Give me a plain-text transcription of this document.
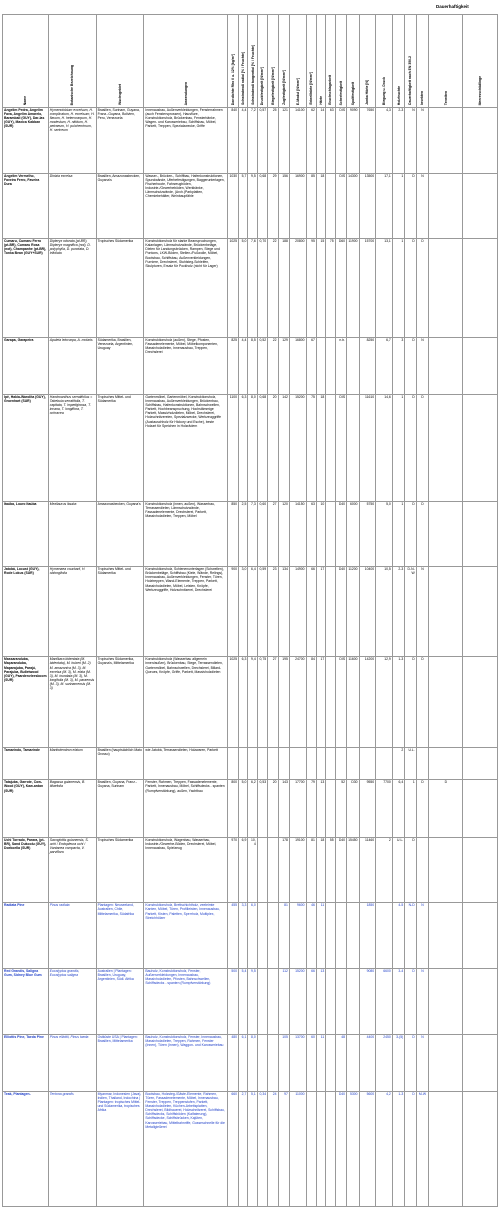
Dauerhaftigkeit
Name	Botanische Bezeichnung	Wuchsgebiet	Anwendungen	Darrdichte Rho 0 u. 12% [kg/m³]	Schwindmaß radial [% / Feuchte]	Schwindmaß tangential [% / Feuchte]	Druckfestigkeit [N/mm²]	Biegefestigkeit [N/mm²]	Zugfestigkeit [N/mm²]	E-Modul [N/mm²]	Brinellhärte [N/mm²]	Härte	Bruchschlagarbeit	Scherfestigkeit	Spaltfestigkeit	Janka Härte [N]	Biegung u. Druck	Holzfeuchte	Dauerhaftigkeit nach EN 350-2	Insekten	Termiten	Meeresschädlinge
Angelim Pedra, Angelim Fava, Angelim Amarelo, Barambali (GUY), Dar-las (GUY), Maxica Kabban (SUR)	Hymenolobium excelsum, H. complicatum, H. excelsum, H. flavum, H. heterocarpum, H. modestum, H. nitidum, H. petraeum, H. pulcherrimum, H. sericeum	Brasilien, Surinam, Guyana, Franz.-Guyana, Bolivien, Peru, Venezuela	Innenausbau, Außenverkleidungen, Fensterrahmen (auch Fenstersprossen), Hausflure, Konstruktionsholz, Brückenbau, Fensterbänke, Wagen- und Karosseriebau, Schiffsbau, Möbel, Parkett, Treppen, Spezialzwecke, Griffe	840	4,4	7,2	0,57	25	121	14100	62	14	63	DIS	9090	7650	4,3	2-3	N	N		
Angelim Vermelho, Faveira Ferro, Faveira Dura	Dinizia excelsa	Brasilien, Amazonasbecken, Guyana's	Wasser-, Brücken-, Schiffbau, Hafenkonstruktionen, Spundwände, Uferbefestigungen, Baggerunterlagen, Fischerboote, Fahrzeugböden, Industrie-/Gewerbeböden, Werkbänke, Lärmschutzwände, (Arch.)Parkplatten, Chemiebehälter, Weinbaupfähle	1030	5,7	9,5	0,68	29	156	16900	85	18		DIS	14300	13500	17,1	1	D	N		
Cumaru, Cumaru Ferro (pt-BR), Cumaru Rosa (not), Champanhe (pt-BR), Tonka Bean (GUY+SUR)	Dipteryx odorata (pt-BR), Dipteryx magnifica (not), D. polyphylla, D. punctata, D. trifoliata	Tropisches Südamerika	Konstruktionsholz für starke Beanspruchungen, Kaianlagen, Lärmschutzwände, Brückenbeläge, Dielen für Landungsbrücken, Rampen, Stege und Pontons, LKW-Böden, Stellen-/Fußwolle, Möbel, Bootsbau, Schiffsbau, Außenverkleidungen, Furniere, Drechslerei, Stuhlsteg-Schleifen, Skulpturen, Ersatz für Pockholz (nicht für Lager)	1025	5,0	7,6	0,70	22	188	20800	95	15	75	D60	11900	15700	13,1	1	D	D		
Garapa, Garapeira	Apuleia leiocarpa, A. molaris	Südamerika, Brasilien, Venezuela, Argentinien, Uruguay	Konstruktionsholz (außen), Stege, Pfosten, Fassadenelemente, Möbel, Möbelkomponenten, Massivholzdielen, Innenausbau, Treppen, Drechslerei	825	4,4	8,5	0,52	22	129	16800	67			n.b.		8250	6,7	3	D	N		
Ipê, Hakia-Warolita (GUY), Groenhart (SUR)	Handroanthus serratifolius = Tabebuia serratifolia, T. capitata, T. impetiginosa, T. incana, T. longiflora, T. ochracea	Tropisches Mittel- und Südamerika	Gartenmöbel, Gartenmöbel, Konstruktionsholz, Innenausbau, Außenverkleidungen, Brückenbau, Schiffsbau, Hafenkonstruktionen, Bahnschwellen, Parkett, Hochbeanspruchung, Hochstämmige Parkett, Massivholzdielen, Möbel, Drechslerei, Holzschnitzereien, Spezialzwecke, Werkzeuggriffe (Austauschholz für Hickory und Esche), beste Holzart für Speichen in Holzrädern	1100	6,3	8,0	0,68	20	142	15200	75	18		DIS		11610	14,6	1	D	D		
Itaúba, Louro Itaúba	Mezilaurus itauba	Amazonasbecken, Guyana's	Konstruktionsholz (innen, außen), Wasserbau, Terrassendielen, Lärmschutzwände, Fassadenelemente, Drechslerei, Parkett, Massivholzdielen, Treppen, Möbel	850	2,5	7,3	0,60	27	120	14150	63	10		D40	6000	5750	5,0	1	D	D		
Jatobá, Locust (GUY), Rode Lokus (SUR)	Hymenaea courbaril, H. oblongifolia	Tropisches Mittel- und Südamerika	Konstruktionsholz, Schienenunterlagen (Schwellen), Brückenbeläge, Schiffsbau (Kiele, Wände, Relings), Innenausbau, Außenverkleidungen, Fenster, Türen, Holztreppen, Wand-Elemente, Treppen, Parkett, Massivholzdielen, Möbel, Leisten, Knöpfe, Werkzeuggriffe, Holzschnitzerei, Drechslerei	900	3,0	6,4	0,59	23	134	14900	66	17		D40	11200	10400	10,5	2-3	D-N-W	N		
Massaranduba, Maçaranduba, Maparajuba, Parajú, Parajuba, Bulletwood (GUY), Paardenvleesboom (SUR)	Manilkara bidentata (M. bidentata), M. huberi (M. 2) M. amazonica (M. 3), M. excelsa (M. 3), M. elata (M. 3), M. inundata (M. 3), M. longifolia (M. 3), M. paraensis (M. 3), M. surinamensis (M. 3)	Tropisches Südamerika, Guyana's, Mittelamerika	Konstruktionsholz (Wasserbau allgemein innen/außen), Brückenbau, Stege, Terrassendielen, Gartenmöbel, Bahnschwellen, Drechslerei, Billard-Queues, Knöpfe, Griffe, Parkett, Massivholzdielen	1025	6,3	9,4	0,75	27	195	24700	84	17		DIS	11600	14200	12,9	1-3	D	D		
Tamarindo, Tamarinde	Martiodendron elatum	Brasilien (hauptsächlich Mato Grosso)	wie Jatobá, Terrassendielen, Holzwaren, Parkett															2	U.L.			
Tatajuba, Garrote, Cow-Wood (GUY), Kaw-ardan (SUR)	Bagassa guianensis, B. tiliaefolia	Brasilien, Guyana, Franz.-Guyana, Surinam	Fenster, Rahmen, Treppen, Fassadenelemente, Parkett, Innenausbau, Möbel, Schiffsdecks - spanten (Rumpfverstärkung), außen, Yachtbau	800	5,0	6,2	0,53	20	143	17700	79	13		52	D30	9550	7700	6,4	1	D	D	
Uchi Torrado, Parara, (pt-BR), Sand Dukoolu (GUY), Doekoella (SUR)	Sacoglottis guianensis, S. uchi / Endopleura uchi / Vantanea compacta, V. parviflora	Tropisches Südamerika	Konstruktionsholz, Wagenbau, Wasserbau, Industrie-/Gewerbe-Böden, Drechslerei, Möbel, Innenausbau, Spielzeug	970	6,9	10,4			178	19100	81	18	55	D40	15450	11460	2	U.L.	D			
Radiata Pine	Pinus radiata	Plantagen: Neuseeland, Australien, Chile, Mittelamerika, Südafrika	Konstruktionsholz, Brettschichtholz, veeleimte Kanten, Möbel, Türen, Profilleisten, Innenausbau, Parkett, Kisten, Paletten, Sperrholz, Multiplex, Streichhölzer	455	3,3	6,0			81	9600	46	11				1850		4-5	N-D	N		
Red Grandis, Saligna Gum, Sidney Blue Gum	Eucalyptus grandis, Eucalyptus saligna	Australien | Plantagen: Brasilien, Uruguay, Argentinien, Südl. Afrika	Bauholz, Konstruktionsholz, Fenster, Außenverkleidungen, Innenausbau, Massivholzdielen, Pfosten, Bahnschwellen, Schiffsdecks - spanten (Rumpfverstärkung)	500	5,4	9,5			112	15200	66	13				9080	6600	3-4	D	N		
Elliottis Pine, Taeda Pine	Pinus elliottii, Pinus taeda	Ostküste USA | Plantagen: Brasilien, Mittelamerika	Bauholz, Konstruktionsholz, Fenster, Innenausbau, Massivholzdielen, Treppen, Rahmen, Fenster (Innen), Türen (Innen), Waggon- und Karosseriebau	480	6,1	8,0			105	13700	60	11		48		4400	2450	3-(5)	D	N		
Teak, Plantagen-	Tectona grandis	Myanmar, Indonesien (Java), Indien, Thailand, Indochina | Plantagen: tropisches Mittel- und Südamerika, tropisches Afrika	Bootsbau, Holzsteg-/Gäste-Elemente, Rahmen, Türen, Fassadenelemente, Möbel, Innenausbau, Fenster, Treppen, Treppenstufen, Parkett, Massivholzdielen, Küchen-Arbeitsplatten, Drechslerei, Bildhauerei, Holzschnitzerei, Schiffsbau, Schiffsdecks, Schiffsböden (Kalfaterung), Schiffsdecke, Schiffsbrücken, Kajüten, Karosseriebau, Mittelbahnriffe, Gusseschnelle für die Metallgießerei	660	2,7	5,1	0,34	24	97	11000				D40	5300	5600	4,2	1-3	D	M-W		
